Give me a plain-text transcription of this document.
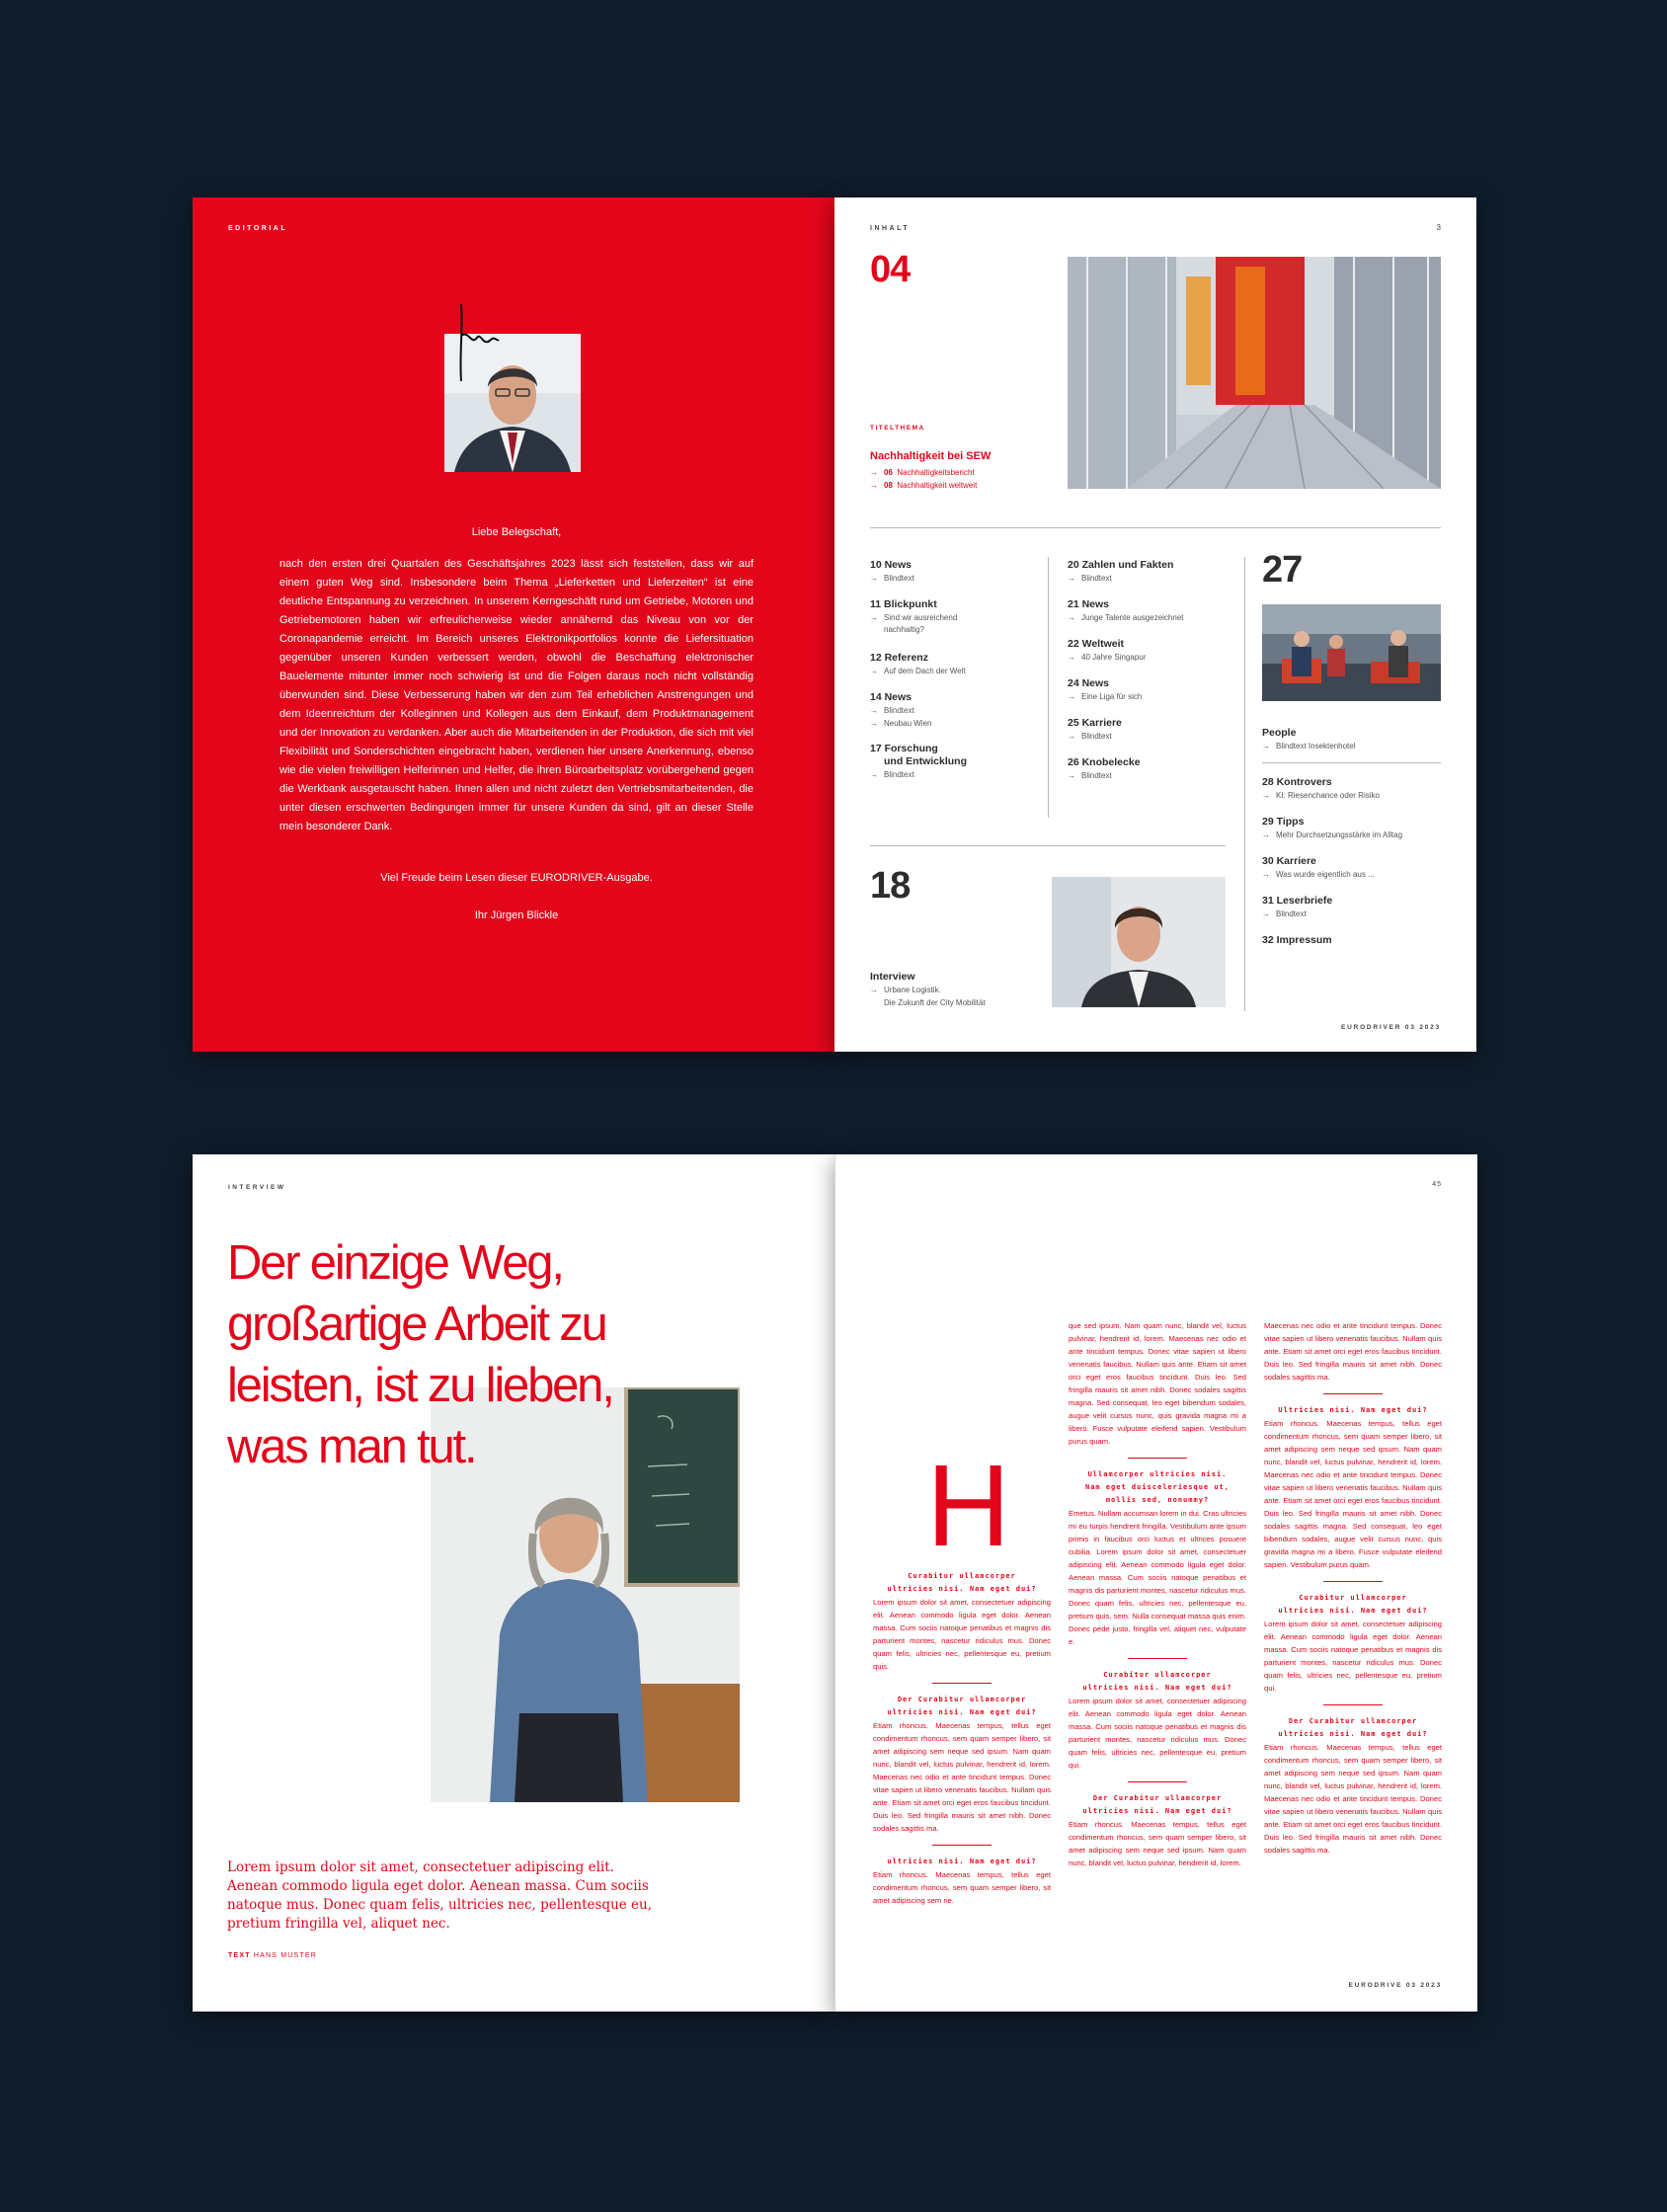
EDITORIAL
Liebe Belegschaft,
nach den ersten drei Quartalen des Geschäftsjahres 2023 lässt sich feststellen, dass wir auf einem guten Weg sind. Insbesondere beim Thema „Lieferketten und Lieferzeiten“ ist eine deutliche Entspannung zu verzeichnen. In unserem Kerngeschäft rund um Getriebe, Motoren und Getriebemotoren haben wir erfreulicherweise wieder annähernd das Niveau von vor der Coronapandemie erreicht. Im Bereich unseres Elektronikportfolios konnte die Liefersituation gegenüber unseren Kunden verbessert werden, obwohl die Beschaffung elektronischer Bauelemente mitunter immer noch schwierig ist und die Folgen daraus noch nicht vollständig überwunden sind. Diese Verbesserung haben wir den zum Teil erheblichen Anstrengungen und dem Ideenreichtum der Kolleginnen und Kollegen aus dem Einkauf, dem Produktmanagement und der Innovation zu verdanken. Aber auch die Mitarbeitenden in der Produktion, die sich mit viel Flexibilität und Sonderschichten eingebracht haben, verdienen hier unsere Anerkennung, ebenso wie die vielen freiwilligen Helferinnen und Helfer, die ihren Büroarbeitsplatz vorübergehend gegen die Werkbank ausgetauscht haben. Ihnen allen und nicht zuletzt den Vertriebsmitarbeitenden, die unter diesen erschwerten Bedingungen immer für unsere Kunden da sind, gilt an dieser Stelle mein besonderer Dank.
Viel Freude beim Lesen dieser EURODRIVER-Ausgabe.
Ihr Jürgen Blickle
INHALT	3
04
TITELTHEMA
Nachhaltigkeit bei SEW
→ 06 Nachhaltigkeitsbericht
→ 08 Nachhaltigkeit weltweit
10 News
→ Blindtext
11 Blickpunkt
→ Sind wir ausreichend
nachhaltig?
12 Referenz
→ Auf dem Dach der Welt
14 News
→ Blindtext
→ Neubau Wien
17 Forschung
und Entwicklung
→ Blindtext
20 Zahlen und Fakten
→ Blindtext
21 News
→ Junge Talente ausgezeichnet
22 Weltweit
→ 40 Jahre Singapur
24 News
→ Eine Liga für sich
25 Karriere
→ Blindtext
26 Knobelecke
→ Blindtext
27
People
→ Blindtext Insektenhotel
28 Kontrovers
→ KI: Riesenchance oder Risiko
29 Tipps
→ Mehr Durchsetzungsstärke im Alltag
30 Karriere
→ Was wurde eigentlich aus ...
31 Leserbriefe
→ Blindtext
32 Impressum
18
Interview
→ Urbane Logistik.
Die Zukunft der City Mobilität
EURODRIVER 03 2023
INTERVIEW	45
EURODRIVE 03 2023
Der einzige Weg, großartige Arbeit zu leisten, ist zu lieben, was man tut.
Lorem ipsum dolor sit amet, consectetuer adipiscing elit. Aenean commodo ligula eget dolor. Aenean massa. Cum sociis natoque mus. Donec quam felis, ultricies nec, pellentesque eu, pretium fringilla vel, aliquet nec.
TEXT HANS MUSTER
H
Curabitur ullamcorper
ultricies nisi. Nam eget dui?

Lorem ipsum dolor sit amet, consectetuer adipiscing elit. Aenean commodo ligula eget dolor. Aenean massa. Cum sociis natoque penatibus et magnis dis parturient montes, nascetur ridiculus mus. Donec quam felis, ultricies nec, pellentesque eu, pretium quis.

Der Curabitur ullamcorper
ultricies nisi. Nam eget dui?

Etiam rhoncus. Maecenas tempus, tellus eget condimentum rhoncus, sem quam semper libero, sit amet adipiscing sem neque sed ipsum. Nam quam nunc, blandit vel, luctus pulvinar, hendrerit id, lorem. Maecenas nec odio et ante tincidunt tempus. Donec vitae sapien ut libero venenatis faucibus. Nullam quis ante. Etiam sit amet orci eget eros faucibus tincidunt. Duis leo. Sed fringilla mauris sit amet nibh. Donec sodales sagittis ma.

ultricies nisi. Nam eget dui?

Etiam rhoncus. Maecenas tempus, tellus eget condimentum rhoncus, sem quam semper libero, sit amet adipiscing sem ne.

que sed ipsum. Nam quam nunc, blandit vel, luctus pulvinar, hendrerit id, lorem. Maecenas nec odio et ante tincidunt tempus. Donec vitae sapien ut libero venenatis faucibus. Nullam quis ante. Etiam sit amet orci eget eros faucibus tincidunt. Duis leo. Sed fringilla mauris sit amet nibh. Donec sodales sagittis magna. Sed consequat, leo eget bibendum sodales, augue velit cursus nunc, quis gravida magna mi a libero. Fusce vulputate eleifend sapien. Vestibulum purus quam.

Ullamcorper ultricies nisi.
Nam eget duisceleriesque ut,
mollis sed, nonummy?

Emetus. Nullam accumsan lorem in dui. Cras ultricies mi eu turpis hendrerit fringilla. Vestibulum ante ipsum primis in faucibus orci luctus et ultrices posuere cubilia. Lorem ipsum dolor sit amet, consectetuer adipiscing elit. Aenean commodo ligula eget dolor. Aenean massa. Cum sociis natoque penatibus et magnis dis parturient montes, nascetur ridiculus mus. Donec quam felis, ultricies nec, pellentesque eu, pretium quis, sem. Nulla consequat massa quis enim. Donec pede justo, fringilla vel, aliquet nec, vulputate e.

Curabitur ullamcorper
ultricies nisi. Nam eget dui?

Lorem ipsum dolor sit amet, consectetuer adipiscing elit. Aenean commodo ligula eget dolor. Aenean massa. Cum sociis natoque penatibus et magnis dis parturient montes, nascetur ridiculus mus. Donec quam felis, ultricies nec, pellentesque eu, pretium qui.

Der Curabitur ullamcorper
ultricies nisi. Nam eget dui?

Etiam rhoncus. Maecenas tempus, tellus eget condimentum rhoncus, sem quam semper libero, sit amet adipiscing sem neque sed ipsum. Nam quam nunc, blandit vel, luctus pulvinar, hendrerit id, lorem.

Maecenas nec odio et ante tincidunt tempus. Donec vitae sapien ut libero venenatis faucibus. Nullam quis ante. Etiam sit amet orci eget eros faucibus tincidunt. Duis leo. Sed fringilla mauris sit amet nibh. Donec sodales sagittis ma.

Ultricies nisi. Nam eget dui?

Etiam rhoncus. Maecenas tempus, tellus eget condimentum rhoncus, sem quam semper libero, sit amet adipiscing sem neque sed ipsum. Nam quam nunc, blandit vel, luctus pulvinar, hendrerit id, lorem. Maecenas nec odio et ante tincidunt tempus. Donec vitae sapien ut libero venenatis faucibus. Nullam quis ante. Etiam sit amet orci eget eros faucibus tincidunt. Duis leo. Sed fringilla mauris sit amet nibh. Donec sodales sagittis magna. Sed consequat, leo eget bibendum sodales, augue velit cursus nunc, quis gravida magna mi a libero. Fusce vulputate eleifend sapien. Vestibulum purus quam.

Curabitur ullamcorper
ultricies nisi. Nam eget dui?

Lorem ipsum dolor sit amet, consectetuer adipiscing elit. Aenean commodo ligula eget dolor. Aenean massa. Cum sociis natoque penatibus et magnis dis parturient montes, nascetur ridiculus mus. Donec quam felis, ultricies nec, pellentesque eu, pretium qui.

Der Curabitur ullamcorper
ultricies nisi. Nam eget dui?

Etiam rhoncus. Maecenas tempus, tellus eget condimentum rhoncus, sem quam semper libero, sit amet adipiscing sem neque sed ipsum. Nam quam nunc, blandit vel, luctus pulvinar, hendrerit id, lorem. Maecenas nec odio et ante tincidunt tempus. Donec vitae sapien ut libero venenatis faucibus. Nullam quis ante. Etiam sit amet orci eget eros faucibus tincidunt. Duis leo. Sed fringilla mauris sit amet nibh. Donec sodales sagittis ma.
